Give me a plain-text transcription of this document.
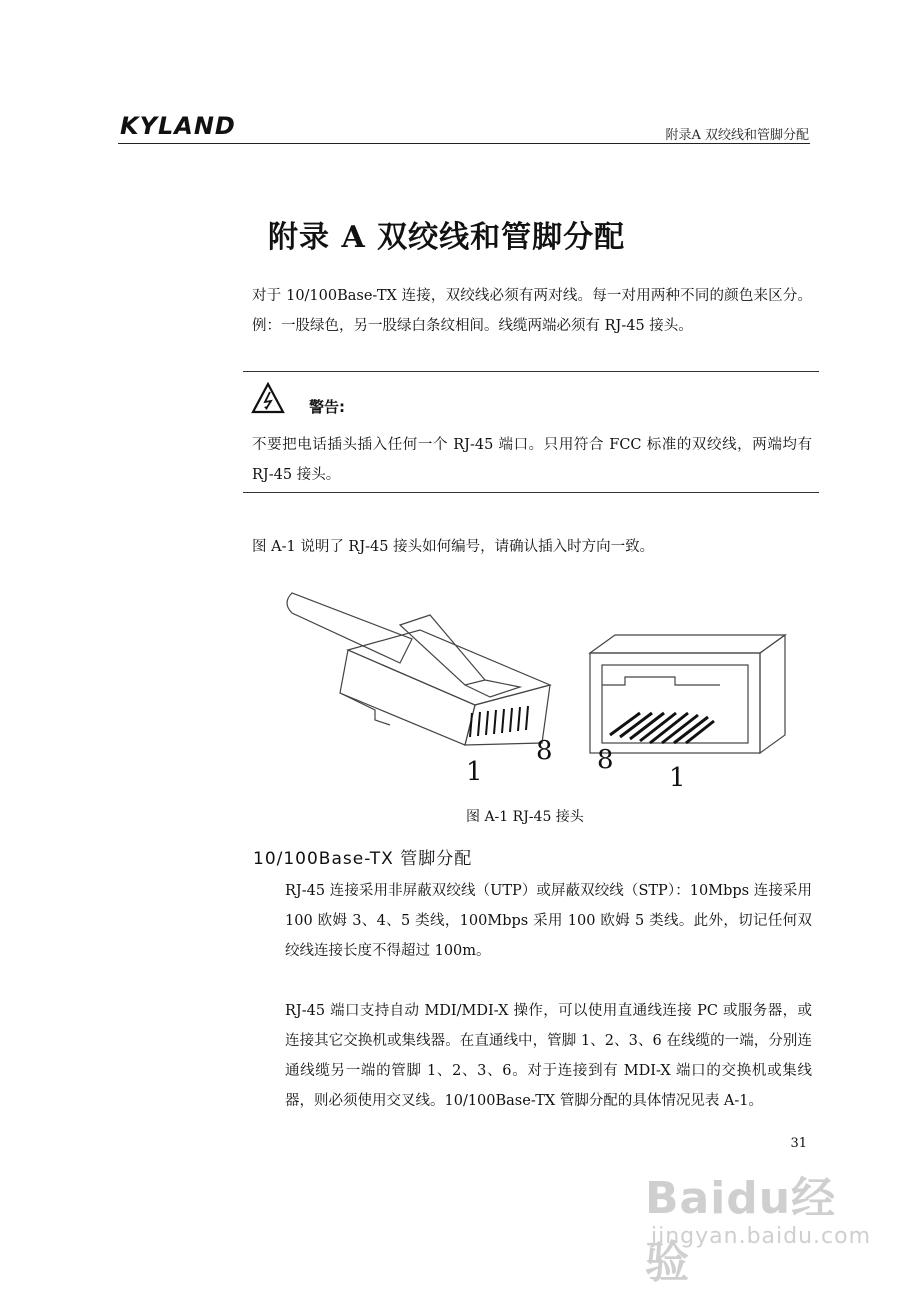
KYLAND	附录A 双绞线和管脚分配
附录 A 双绞线和管脚分配
对于 10/100Base-TX 连接，双绞线必须有两对线。每一对用两种不同的颜色来区分。例：一股绿色，另一股绿白条纹相间。线缆两端必须有 RJ-45 接头。
警告:
不要把电话插头插入任何一个 RJ-45 端口。只用符合 FCC 标准的双绞线，两端均有 RJ-45 接头。
图 A-1 说明了 RJ-45 接头如何编号，请确认插入时方向一致。
1
8 8
1
图 A-1 RJ-45 接头
10/100Base-TX 管脚分配
RJ-45 连接采用非屏蔽双绞线（UTP）或屏蔽双绞线（STP）：10Mbps 连接采用 100 欧姆 3、4、5 类线，100Mbps 采用 100 欧姆 5 类线。此外，切记任何双绞线连接长度不得超过 100m。
RJ-45 端口支持自动 MDI/MDI-X 操作，可以使用直通线连接 PC 或服务器，或连接其它交换机或集线器。在直通线中，管脚 1、2、3、6 在线缆的一端，分别连通线缆另一端的管脚 1、2、3、6。对于连接到有 MDI-X 端口的交换机或集线器，则必须使用交叉线。10/100Base-TX 管脚分配的具体情况见表 A-1。
31
Baidu经验
jingyan.baidu.com
